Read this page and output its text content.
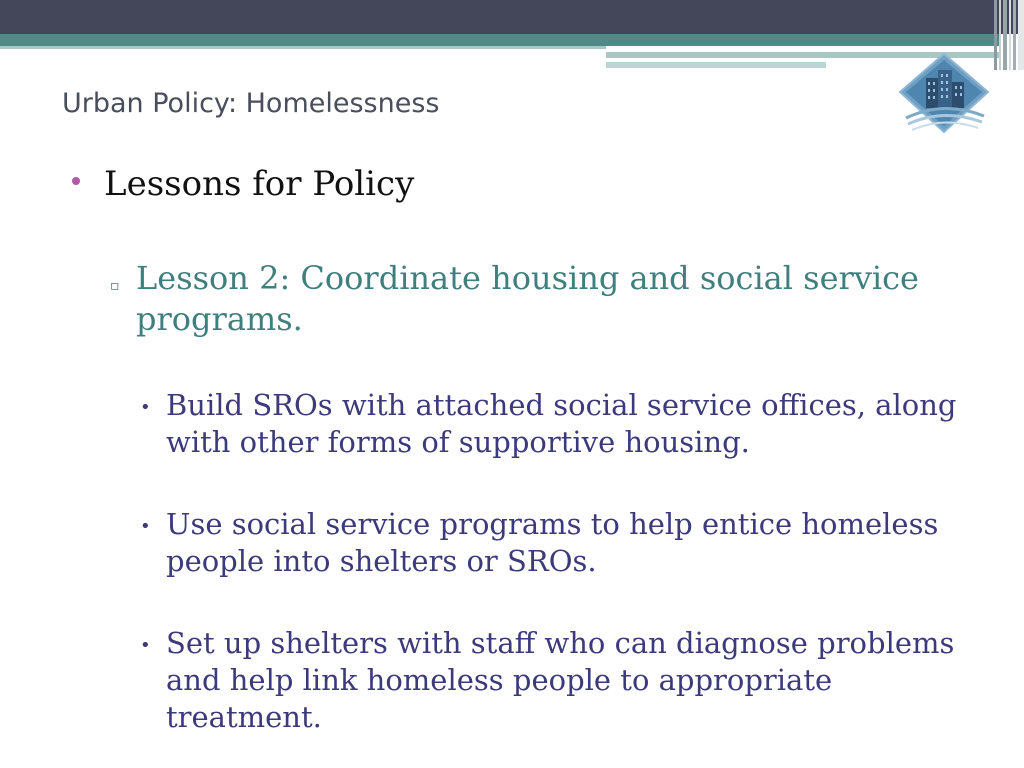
Urban Policy: Homelessness
Lessons for Policy
▫ Lesson 2: Coordinate housing and social service programs.
• Build SROs with attached social service offices, along with other forms of supportive housing.
• Use social service programs to help entice homeless people into shelters or SROs.
• Set up shelters with staff who can diagnose problems and help link homeless people to appropriate treatment.
